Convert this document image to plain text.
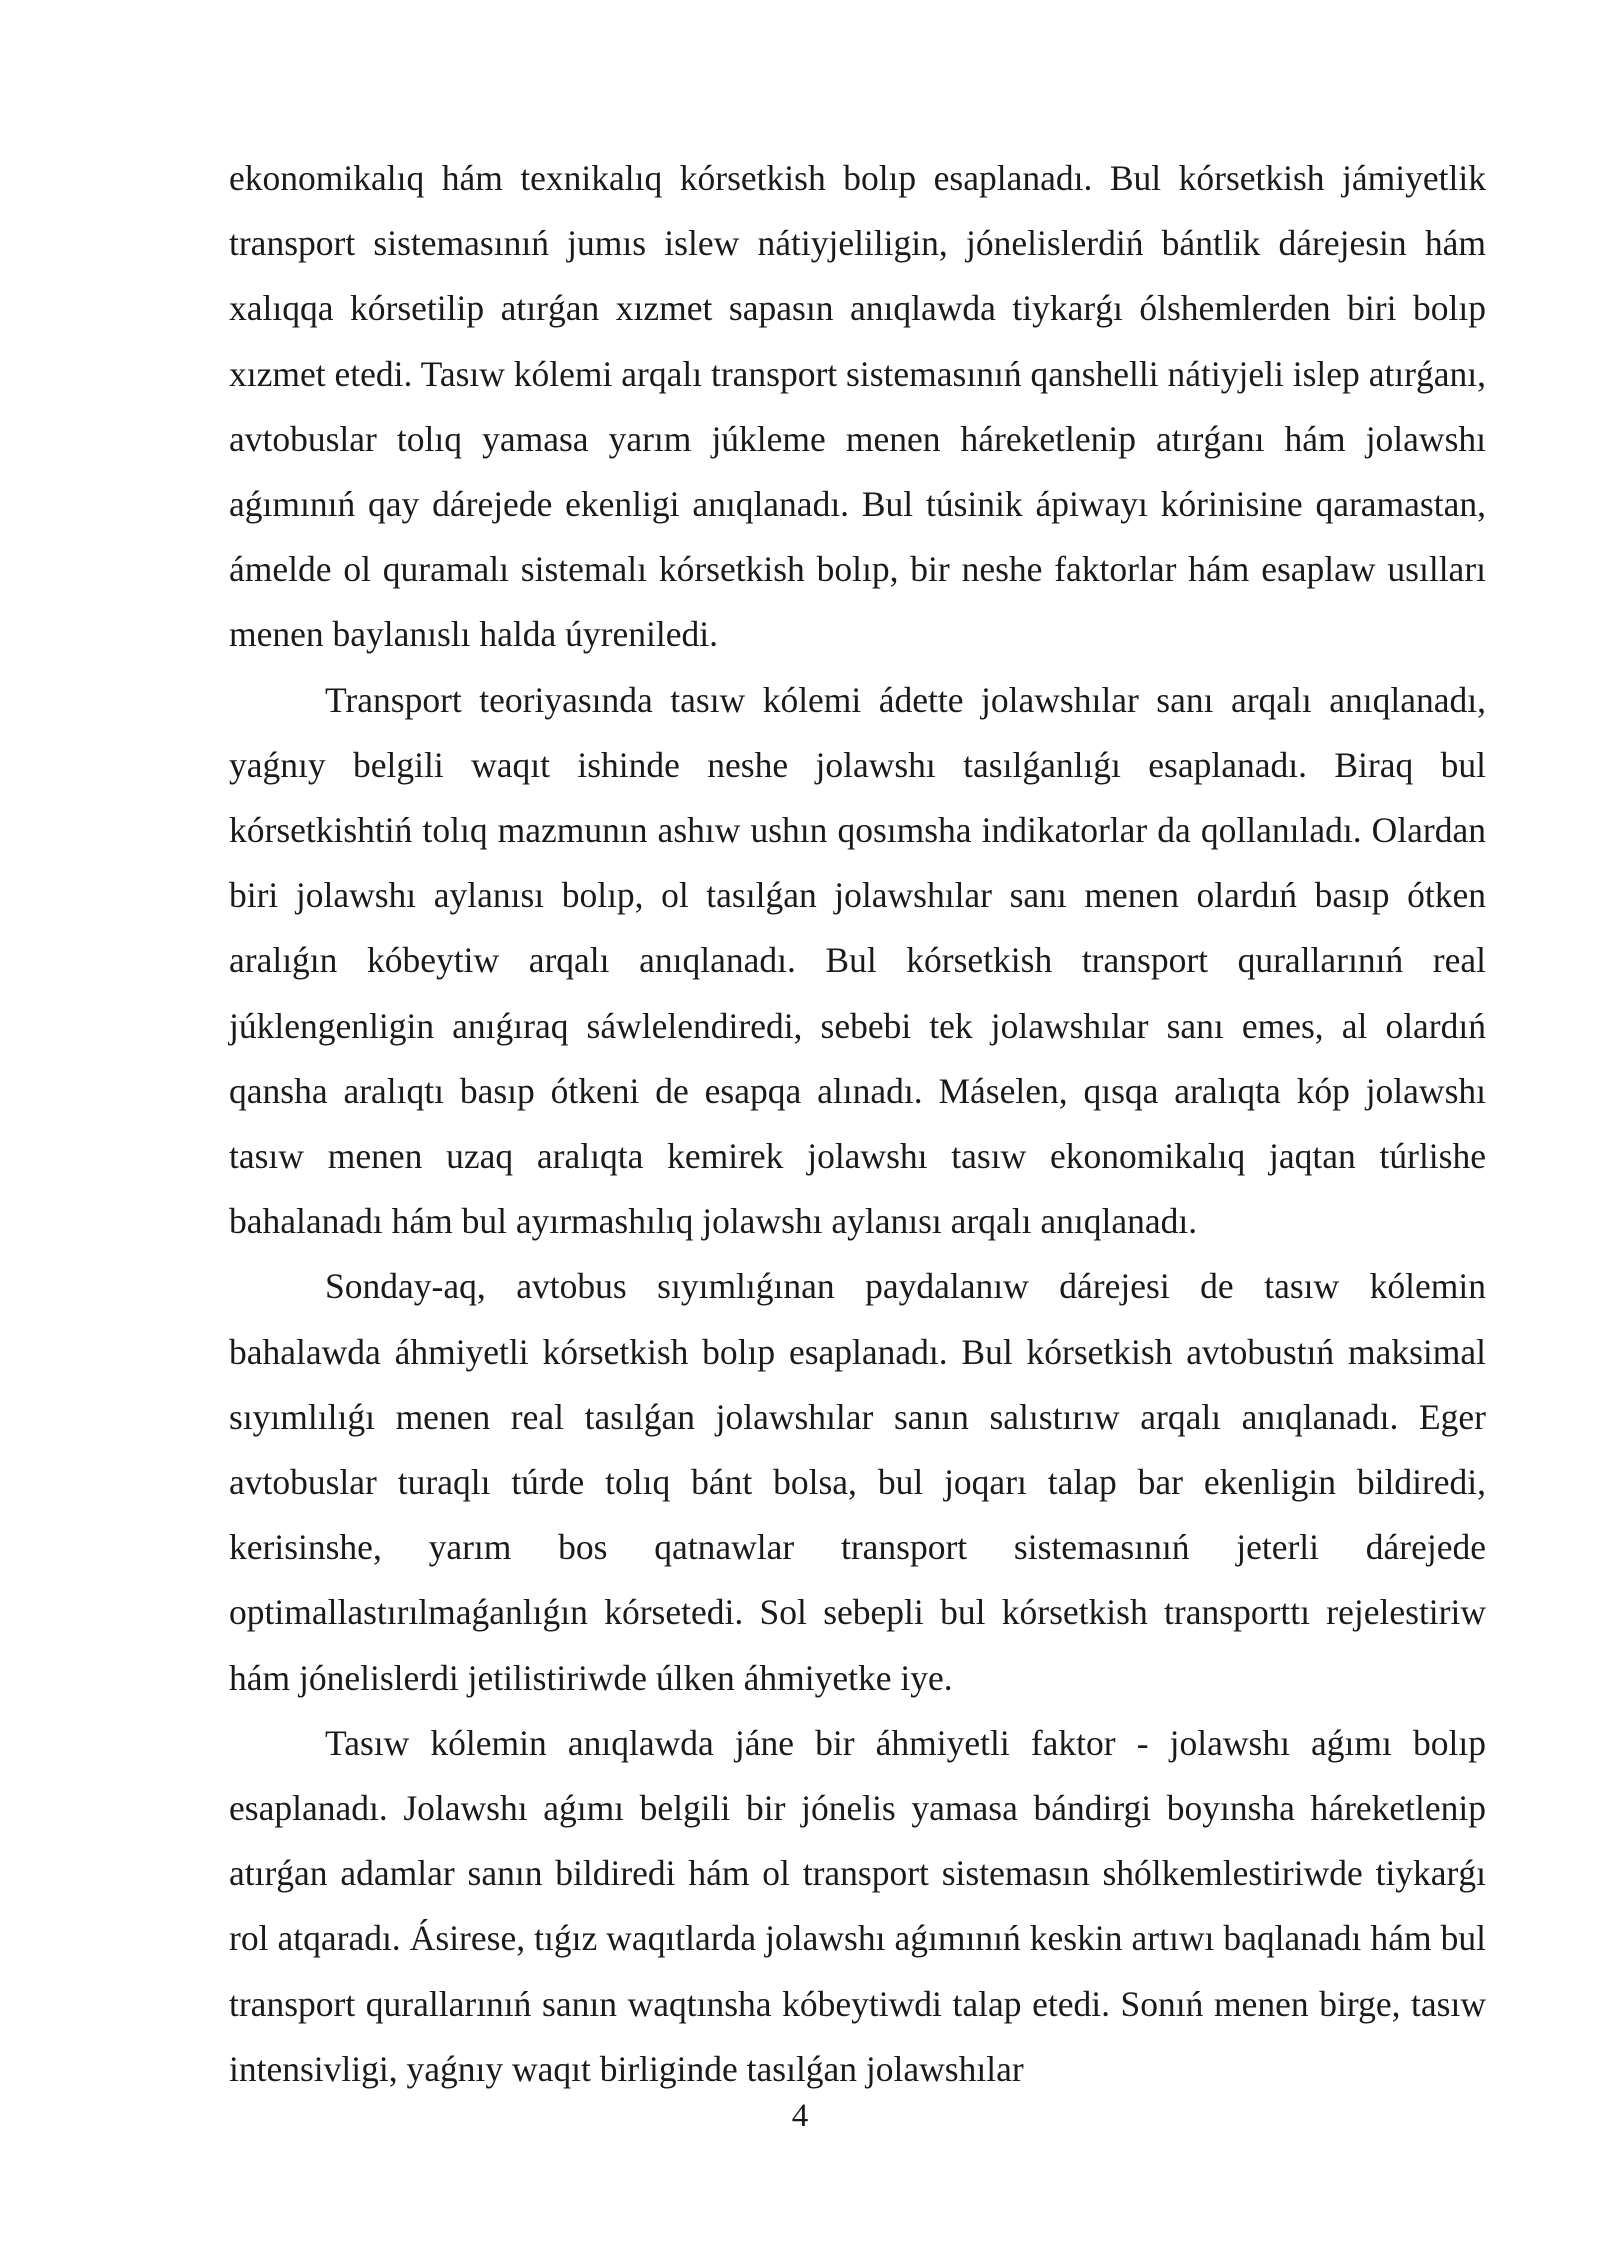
ekonomikalıq hám texnikalıq kórsetkish bolıp esaplanadı. Bul kórsetkish jámiyetlik transport sistemasınıń jumıs islew nátiyjeliligin, jónelislerdiń bántlik dárejesin hám xalıqqa kórsetilip atırǵan xızmet sapasın anıqlawda tiykarǵı ólshemlerden biri bolıp xızmet etedi. Tasıw kólemi arqalı transport sistemasınıń qanshelli nátiyjeli islep atırǵanı, avtobuslar tolıq yamasa yarım júkleme menen háreketlenip atırǵanı hám jolawshı aǵımınıń qay dárejede ekenligi anıqlanadı. Bul túsinik ápiwayı kórinisine qaramastan, ámelde ol quramalı sistemalı kórsetkish bolıp, bir neshe faktorlar hám esaplaw usılları menen baylanıslı halda úyreniledi.

Transport teoriyasında tasıw kólemi ádette jolawshılar sanı arqalı anıqlanadı, yaǵnıy belgili waqıt ishinde neshe jolawshı tasılǵanlıǵı esaplanadı. Biraq bul kórsetkishtiń tolıq mazmunın ashıw ushın qosımsha indikatorlar da qollanıladı. Olardan biri jolawshı aylanısı bolıp, ol tasılǵan jolawshılar sanı menen olardıń basıp ótken aralıǵın kóbeytiw arqalı anıqlanadı. Bul kórsetkish transport qurallarınıń real júklengenligin anıǵıraq sáwlelendiredi, sebebi tek jolawshılar sanı emes, al olardıń qansha aralıqtı basıp ótkeni de esapqa alınadı. Máselen, qısqa aralıqta kóp jolawshı tasıw menen uzaq aralıqta kemirek jolawshı tasıw ekonomikalıq jaqtan túrlishe bahalanadı hám bul ayırmashılıq jolawshı aylanısı arqalı anıqlanadı.

Sonday-aq, avtobus sıyımlıǵınan paydalanıw dárejesi de tasıw kólemin bahalawda áhmiyetli kórsetkish bolıp esaplanadı. Bul kórsetkish avtobustıń maksimal sıyımlılıǵı menen real tasılǵan jolawshılar sanın salıstırıw arqalı anıqlanadı. Eger avtobuslar turaqlı túrde tolıq bánt bolsa, bul joqarı talap bar ekenligin bildiredi, kerisinshe, yarım bos qatnawlar transport sistemasınıń jeterli dárejede optimallastırılmaǵanlıǵın kórsetedi. Sol sebepli bul kórsetkish transporttı rejelestiriw hám jónelislerdi jetilistiriwde úlken áhmiyetke iye.

Tasıw kólemin anıqlawda jáne bir áhmiyetli faktor - jolawshı aǵımı bolıp esaplanadı. Jolawshı aǵımı belgili bir jónelis yamasa bándirgi boyınsha háreketlenip atırǵan adamlar sanın bildiredi hám ol transport sistemasın shólkemlestiriwde tiykarǵı rol atqaradı. Ásirese, tıǵız waqıtlarda jolawshı aǵımınıń keskin artıwı baqlanadı hám bul transport qurallarınıń sanın waqtınsha kóbeytiwdi talap etedi. Sonıń menen birge, tasıw intensivligi, yaǵnıy waqıt birliginde tasılǵan jolawshılar

4
